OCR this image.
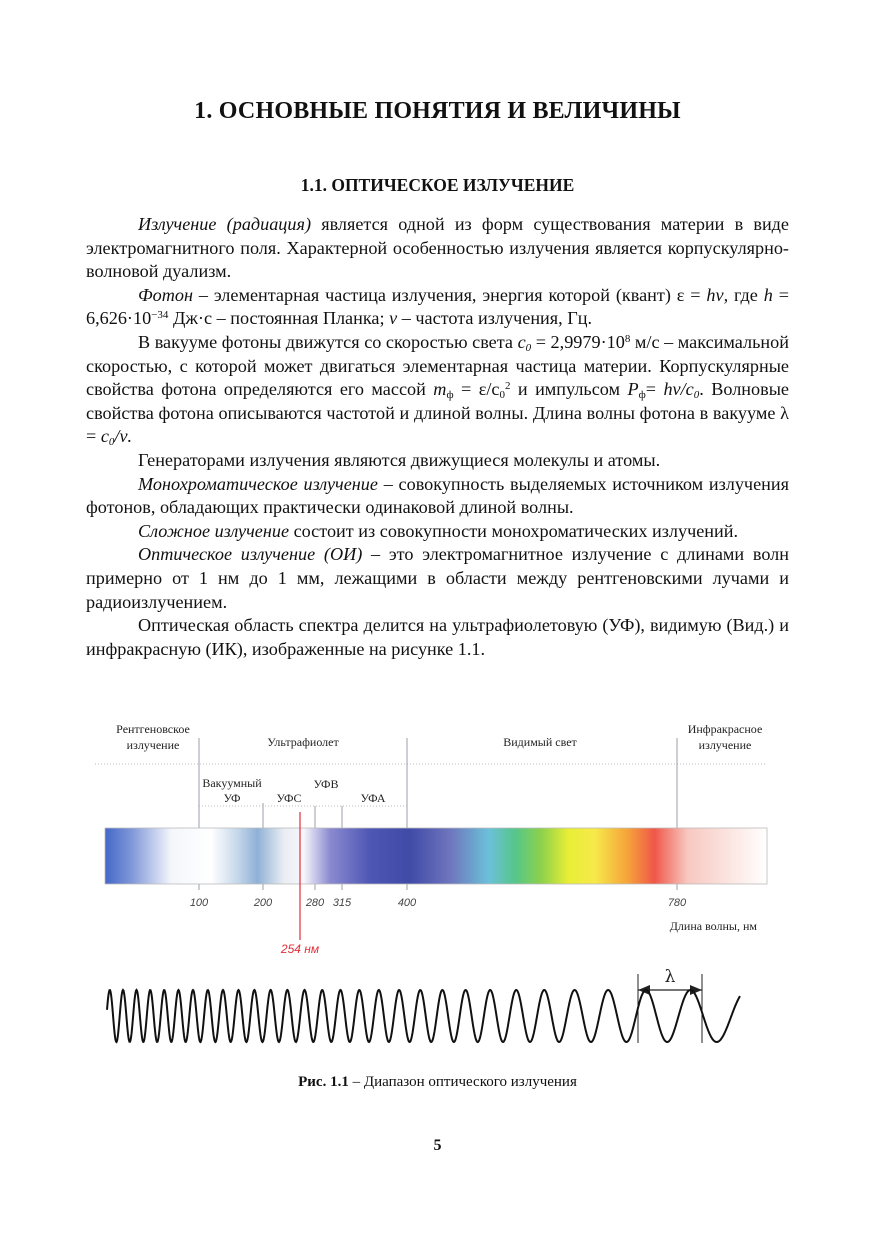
1. ОСНОВНЫЕ ПОНЯТИЯ И ВЕЛИЧИНЫ
1.1. ОПТИЧЕСКОЕ ИЗЛУЧЕНИЕ

Излучение (радиация) является одной из форм существования материи в виде электромагнитного поля. Характерной особенностью излучения является корпускулярно-волновой дуализм.

Фотон – элементарная частица излучения, энергия которой (квант) ε = hν, где $h = 6,626\cdot 10^{-34}$ Дж·с – постоянная Планка; ν – частота излучения, Гц.

В вакууме фотоны движутся со скоростью света $c_0 = 2,9979\cdot 10^8$ м/с – максимальной скоростью, с которой может двигаться элементарная частица материи. Корпускулярные свойства фотона определяются его массой $m_ф = \varepsilon/c_0^2$ и импульсом $P_ф= h\nu/c_0$. Волновые свойства фотона описываются частотой и длиной волны. Длина волны фотона в вакууме $\lambda = c_0/\nu$.

Генераторами излучения являются движущиеся молекулы и атомы.

Монохроматическое излучение – совокупность выделяемых источником излучения фотонов, обладающих практически одинаковой длиной волны.

Сложное излучение состоит из совокупности монохроматических излучений.

Оптическое излучение (ОИ) – это электромагнитное излучение с длинами волн примерно от 1 нм до 1 мм, лежащими в области между рентгеновскими лучами и радиоизлучением.

Оптическая область спектра делится на ультрафиолетовую (УФ), видимую (Вид.) и инфракрасную (ИК), изображенные на рисунке 1.1.

Рентгеновское
излучение	Ультрафиолет	Видимый свет
Инфракрасное
излучение
Вакуумный
УФ	УФС
УФВ
УФА
100	200	280 315	400	780
254 нм
Длина волны, нм
λ
Рис. 1.1 – Диапазон оптического излучения
5
